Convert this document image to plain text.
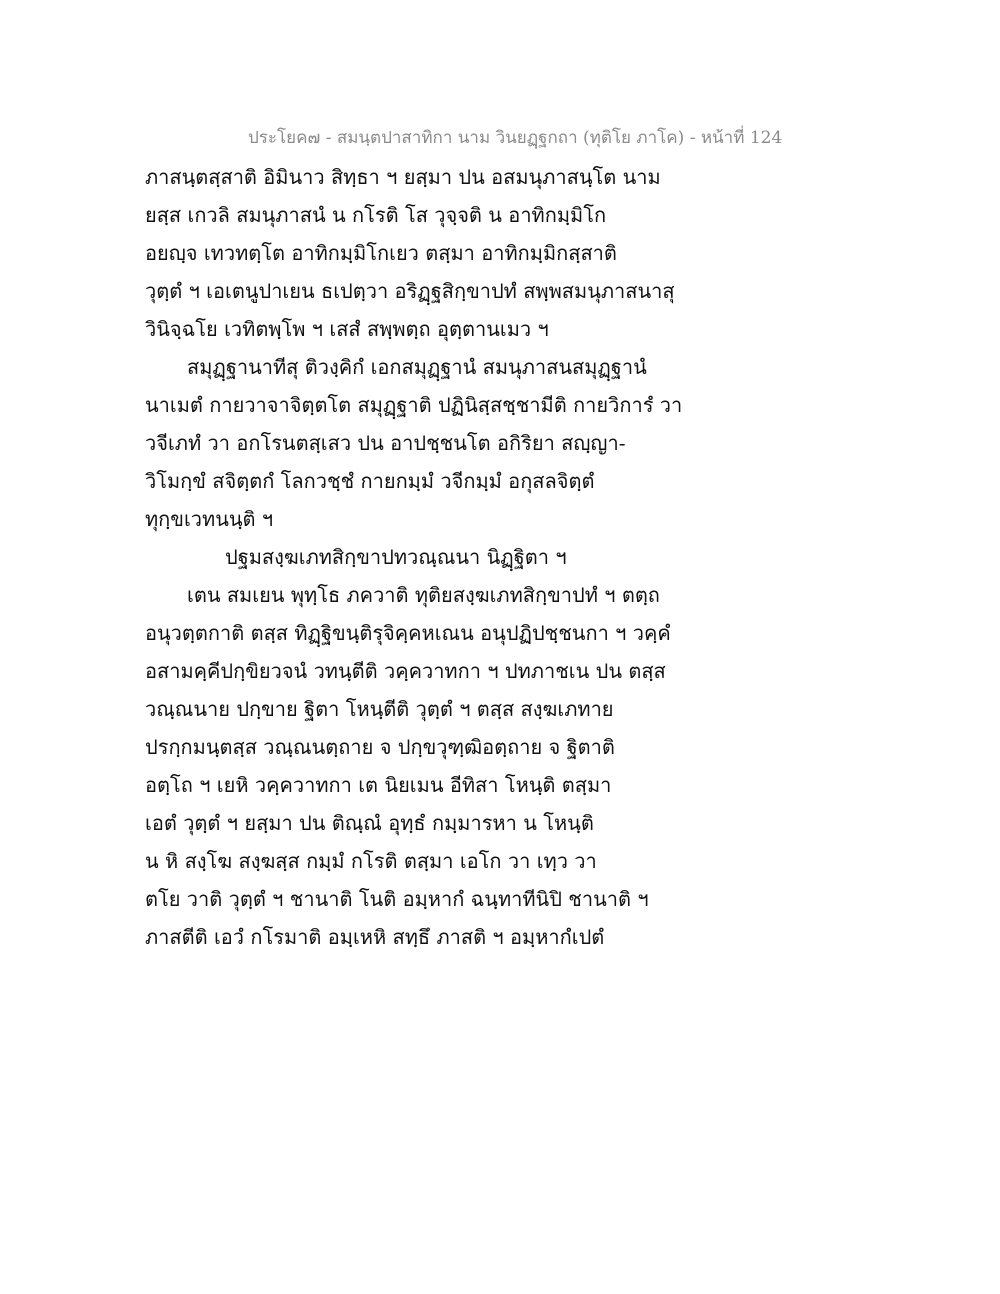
ประโยค๗ - สมนฺตปาสาทิกา นาม วินยฏฺฐกถา (ทุติโย ภาโค) - หน้าที่ 124

ภาสนฺตสฺสาติ อิมินาว สิทฺธา ฯ ยสฺมา ปน อสมนุภาสนฺโต นาม

ยสฺส เกวลิ สมนุภาสนํ น กโรติ โส วุจฺจติ น อาทิกมฺมิโก

อยญฺจ เทวทตฺโต อาทิกมฺมิโกเยว ตสฺมา อาทิกมฺมิกสฺสาติ

วุตฺตํ ฯ เอเตนูปาเยน ธเปตฺวา อริฏฺฐสิกฺขาปทํ สพฺพสมนุภาสนาสุ

วินิจฺฉโย เวทิตพฺโพ ฯ เสสํ สพฺพตฺถ อุตฺตานเมว ฯ

สมุฏฺฐานาทีสุ ติวงฺคิกํ เอกสมุฏฺฐานํ สมนุภาสนสมุฏฺฐานํ

นาเมตํ กายวาจาจิตฺตโต สมุฏฺฐาติ ปฏินิสฺสชฺชามีติ กายวิการํ วา

วจีเภทํ วา อกโรนตสฺเสว ปน อาปชฺชนโต อกิริยา สญฺญา-

วิโมกฺขํ สจิตฺตกํ โลกวชฺชํ กายกมฺมํ วจีกมฺมํ อกุสลจิตฺตํ

ทุกฺขเวทนนฺติ ฯ

ปฐมสงฺฆเภทสิกฺขาปทวณฺณนา นิฏฺฐิตา ฯ

เตน สมเยน พุทฺโธ ภควาติ ทุติยสงฺฆเภทสิกฺขาปทํ ฯ ตตฺถ

อนุวตฺตกาติ ตสฺส ทิฏฺฐิขนฺติรุจิคฺคหเณน อนุปฏิปชฺชนกา ฯ วคฺคํ

อสามคฺคีปกฺขิยวจนํ วทนฺตีติ วคฺควาทกา ฯ ปทภาชเน ปน ตสฺส

วณฺณนาย ปกฺขาย ฐิตา โหนฺตีติ วุตฺตํ ฯ ตสฺส สงฺฆเภทาย

ปรกฺกมนฺตสฺส วณฺณนตฺถาย จ ปกฺขวุฑฺฒิอตฺถาย จ ฐิตาติ

อตฺโถ ฯ เยหิ วคฺควาทกา เต นิยเมน อีทิสา โหนฺติ ตสฺมา

เอตํ วุตฺตํ ฯ ยสฺมา ปน ติณฺณํ อุทฺธํ กมฺมารหา น โหนฺติ

น หิ สงฺโฆ สงฺฆสฺส กมฺมํ กโรติ ตสฺมา เอโก วา เทฺว วา

ตโย วาติ วุตฺตํ ฯ ชานาติ โนติ อมฺหากํ ฉนฺทาทีนิปิ ชานาติ ฯ

ภาสตีติ เอวํ กโรมาติ อมฺเหหิ สทฺธึ ภาสติ ฯ อมฺหากํเปตํ
